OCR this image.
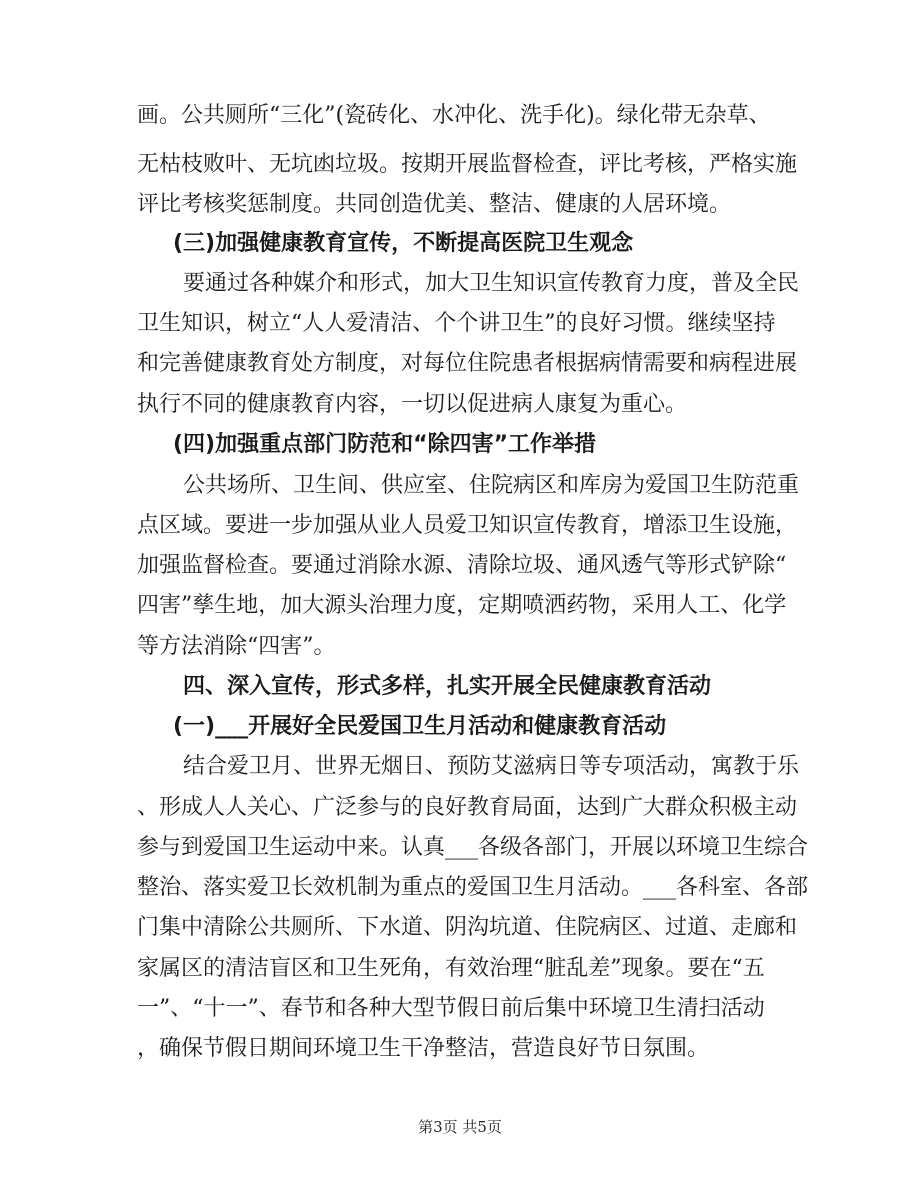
画。公共厕所“三化”(瓷砖化、水冲化、洗手化)。绿化带无杂草、
无枯枝败叶、无坑凼垃圾。按期开展监督检查，评比考核，严格实施
评比考核奖惩制度。共同创造优美、整洁、健康的人居环境。
(三)加强健康教育宣传，不断提高医院卫生观念
要通过各种媒介和形式，加大卫生知识宣传教育力度，普及全民
卫生知识，树立“人人爱清洁、个个讲卫生”的良好习惯。继续坚持
和完善健康教育处方制度，对每位住院患者根据病情需要和病程进展
执行不同的健康教育内容，一切以促进病人康复为重心。
(四)加强重点部门防范和“除四害”工作举措
公共场所、卫生间、供应室、住院病区和库房为爱国卫生防范重
点区域。要进一步加强从业人员爱卫知识宣传教育，增添卫生设施，
加强监督检查。要通过消除水源、清除垃圾、通风透气等形式铲除“
四害”孳生地，加大源头治理力度，定期喷洒药物，采用人工、化学
等方法消除“四害”。
四、深入宣传，形式多样，扎实开展全民健康教育活动
(一)___开展好全民爱国卫生月活动和健康教育活动
结合爱卫月、世界无烟日、预防艾滋病日等专项活动，寓教于乐
、形成人人关心、广泛参与的良好教育局面，达到广大群众积极主动
参与到爱国卫生运动中来。认真___各级各部门，开展以环境卫生综合
整治、落实爱卫长效机制为重点的爱国卫生月活动。___各科室、各部
门集中清除公共厕所、下水道、阴沟坑道、住院病区、过道、走廊和
家属区的清洁盲区和卫生死角，有效治理“脏乱差”现象。要在“五
一”、“十一”、春节和各种大型节假日前后集中环境卫生清扫活动
，确保节假日期间环境卫生干净整洁，营造良好节日氛围。
第3页 共5页
